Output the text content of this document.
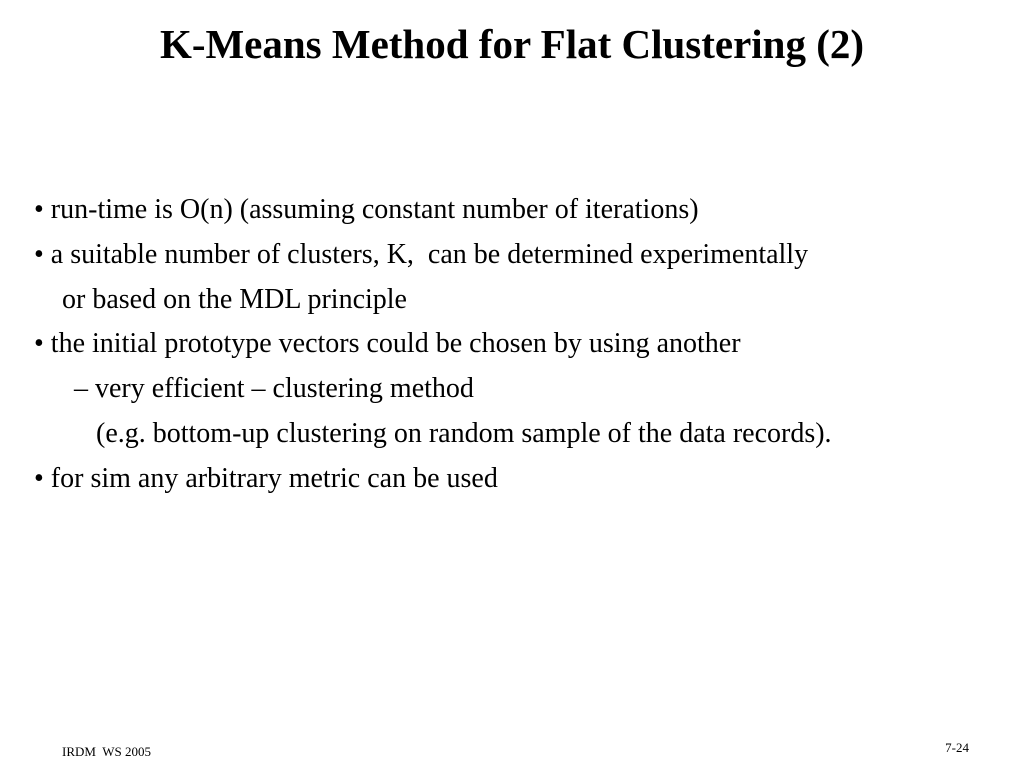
K-Means Method for Flat Clustering (2)
• run-time is O(n) (assuming constant number of iterations)
• a suitable number of clusters, K,  can be determined experimentally
or based on the MDL principle
• the initial prototype vectors could be chosen by using another
– very efficient – clustering method
(e.g. bottom-up clustering on random sample of the data records).
• for sim any arbitrary metric can be used
IRDM  WS 2005	7-24
